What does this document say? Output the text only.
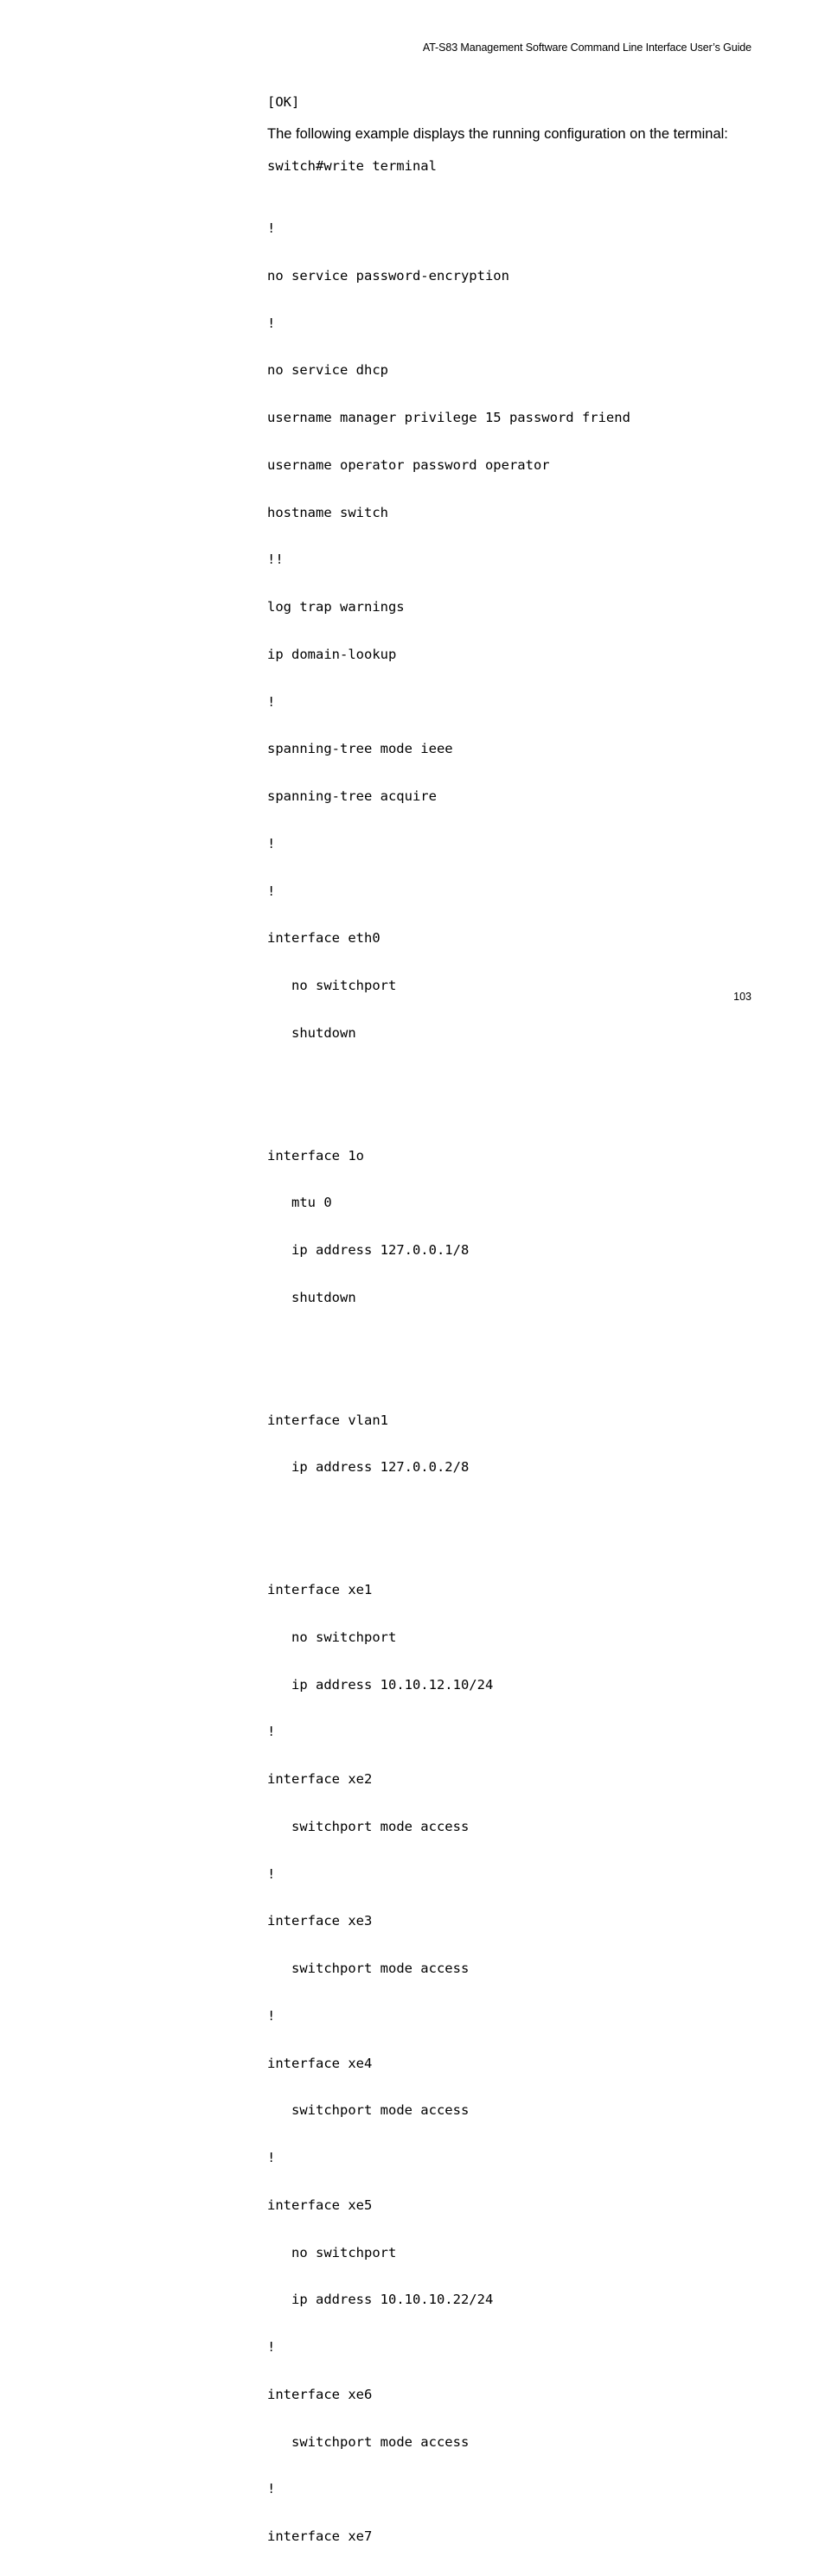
AT-S83 Management Software Command Line Interface User’s Guide
[OK]

The following example displays the running configuration on the terminal:

switch#write terminal

!

no service password-encryption

!

no service dhcp

username manager privilege 15 password friend

username operator password operator

hostname switch

!!

log trap warnings

ip domain-lookup

!

spanning-tree mode ieee

spanning-tree acquire

!

!

interface eth0

no switchport

shutdown

interface 1o

mtu 0

ip address 127.0.0.1/8

shutdown

interface vlan1

ip address 127.0.0.2/8

interface xe1

no switchport

ip address 10.10.12.10/24

!

interface xe2

switchport mode access

!

interface xe3

switchport mode access

!

interface xe4

switchport mode access

!

interface xe5

no switchport

ip address 10.10.10.22/24

!

interface xe6

switchport mode access

!

interface xe7

103
